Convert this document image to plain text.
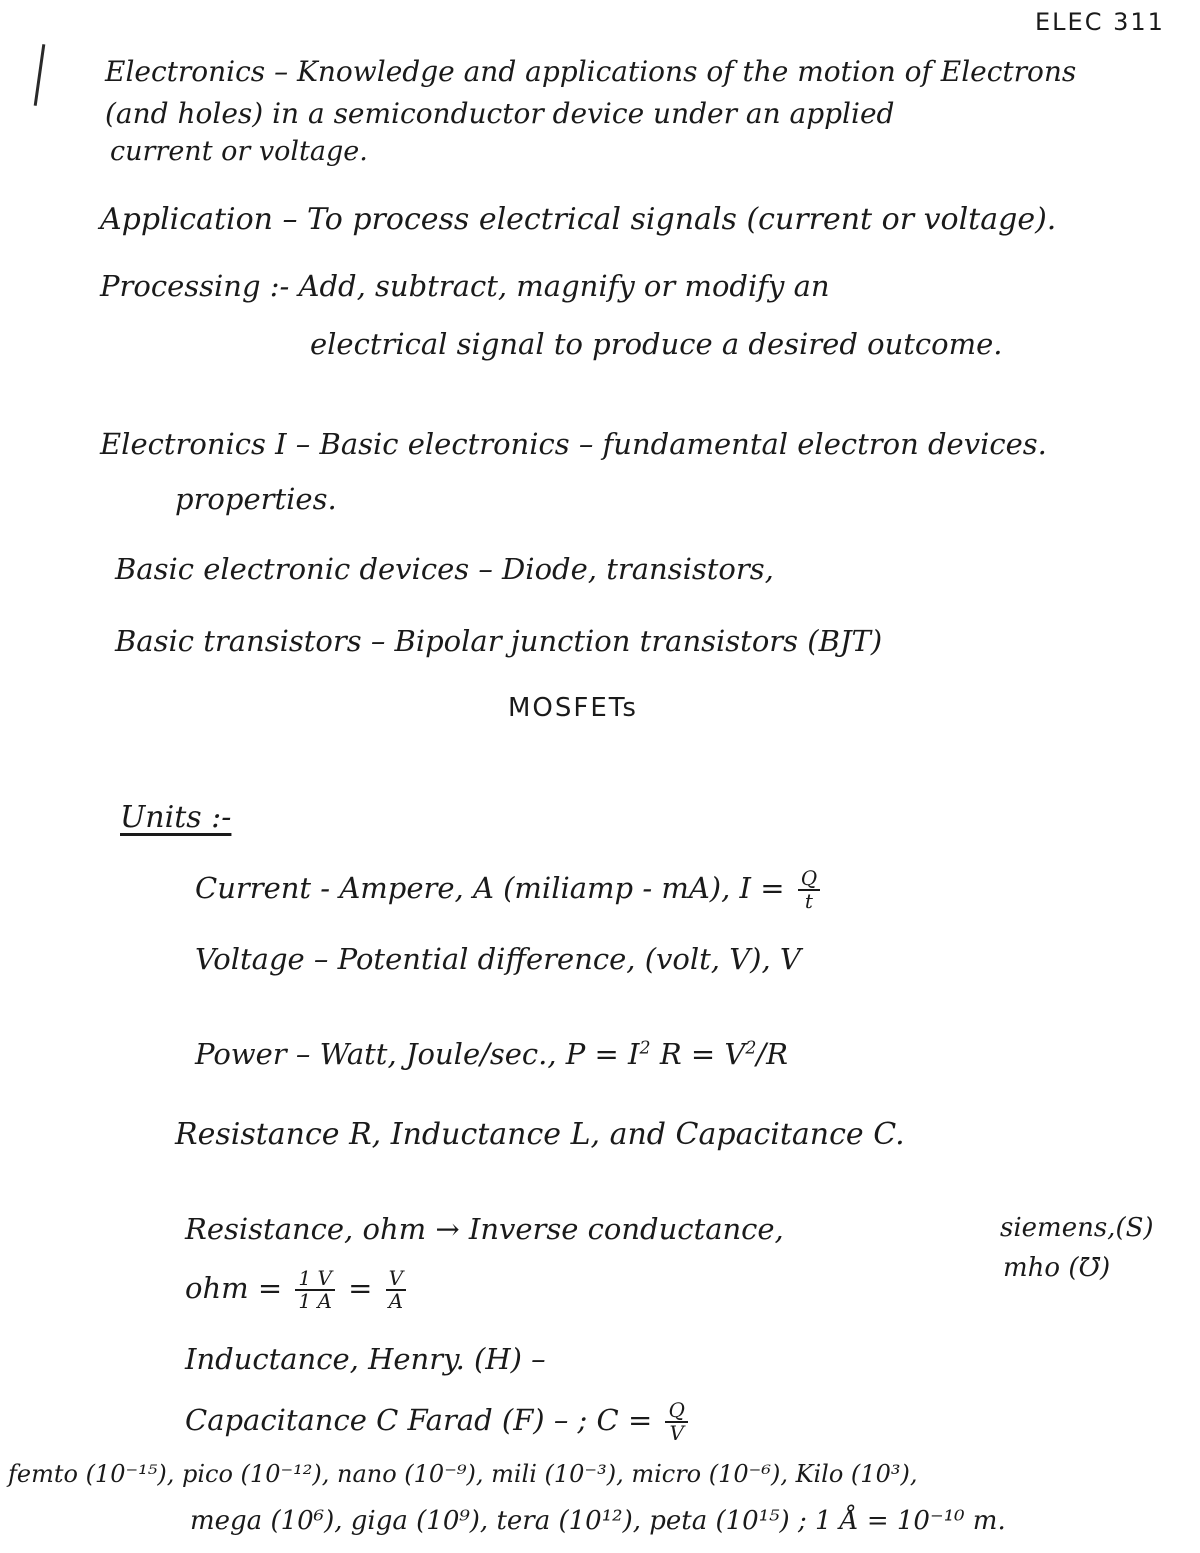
ELEC 311
Electronics – Knowledge and applications of the motion of Electrons
(and holes) in a semiconductor device under an applied
current or voltage.
Application – To process electrical signals (current or voltage).
Processing :- Add, subtract, magnify or modify an
electrical signal to produce a desired outcome.
Electronics I – Basic electronics – fundamental electron devices.
properties.
Basic electronic devices – Diode, transistors,
Basic transistors – Bipolar junction transistors (BJT)
MOSFETs
Units :-
Current - Ampere, A (miliamp - mA), $I = \frac{Q}{t}$
Voltage – Potential difference, (volt, V), V
Power – Watt, Joule/sec., $P = I^2$ $R = V^2/R$
Resistance R, Inductance L, and Capacitance C.
Resistance, ohm → Inverse conductance,	siemens,(S)
mho (℧)
ohm = $\frac{1 V}{1 A} = \frac{V}{A}$
Inductance, Henry. (H) –
Capacitance C Farad (F) – ; $C = \frac{Q}{V}$
femto (10⁻¹⁵), pico (10⁻¹²), nano (10⁻⁹), mili (10⁻³), micro (10⁻⁶), Kilo (10³),
mega (10⁶), giga (10⁹), tera (10¹²), peta (10¹⁵) ; 1 Å = 10⁻¹⁰ m.
